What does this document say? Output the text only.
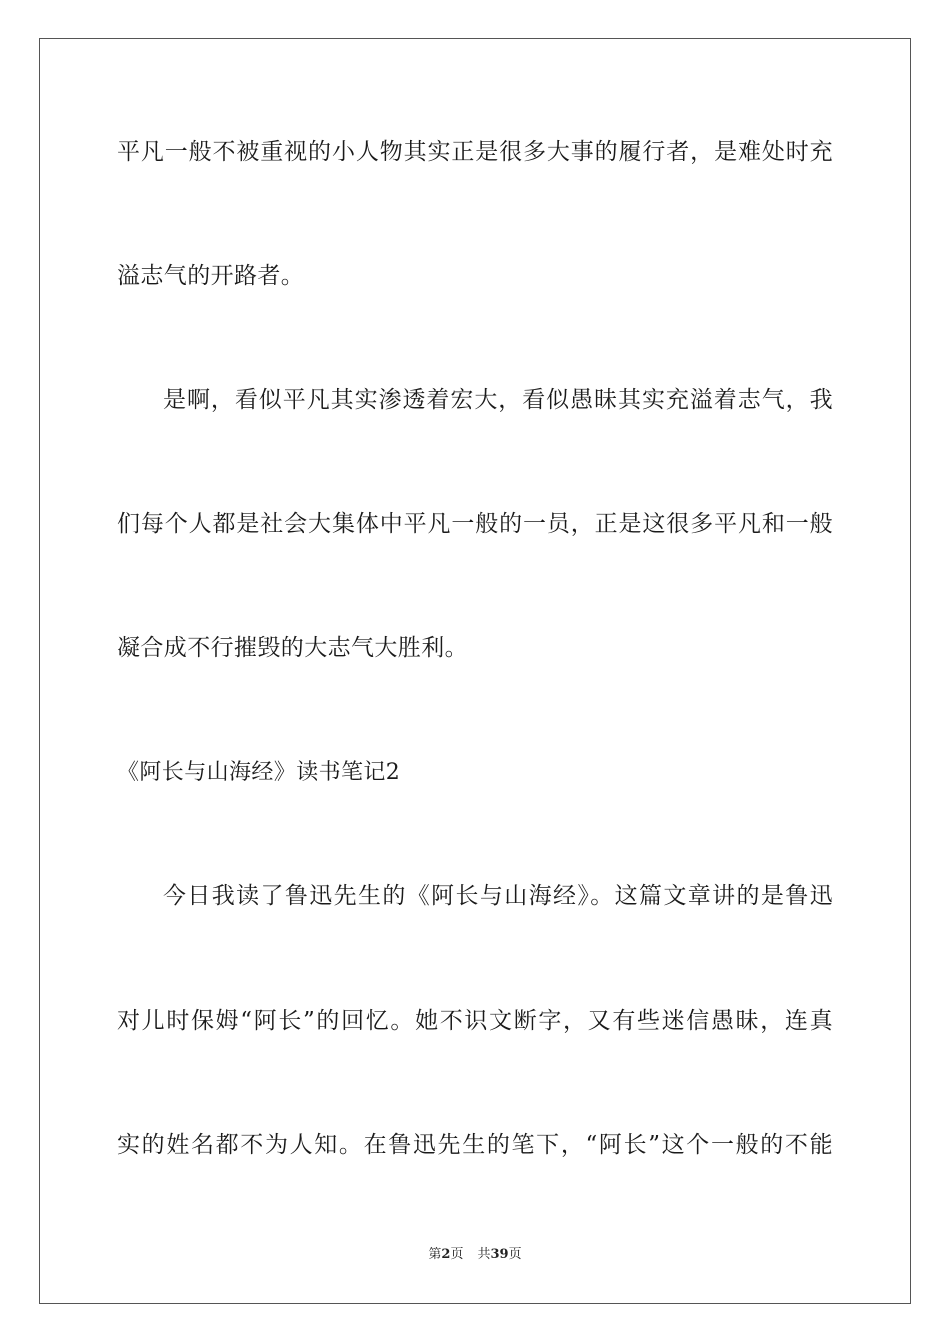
平凡一般不被重视的小人物其实正是很多大事的履行者，是难处时充
溢志气的开路者。
是啊，看似平凡其实渗透着宏大，看似愚昧其实充溢着志气，我
们每个人都是社会大集体中平凡一般的一员，正是这很多平凡和一般
凝合成不行摧毁的大志气大胜利。
《阿长与山海经》读书笔记2
今日我读了鲁迅先生的《阿长与山海经》。这篇文章讲的是鲁迅
对儿时保姆“阿长”的回忆。她不识文断字，又有些迷信愚昧，连真
实的姓名都不为人知。在鲁迅先生的笔下，“阿长”这个一般的不能
第2页 共39页
